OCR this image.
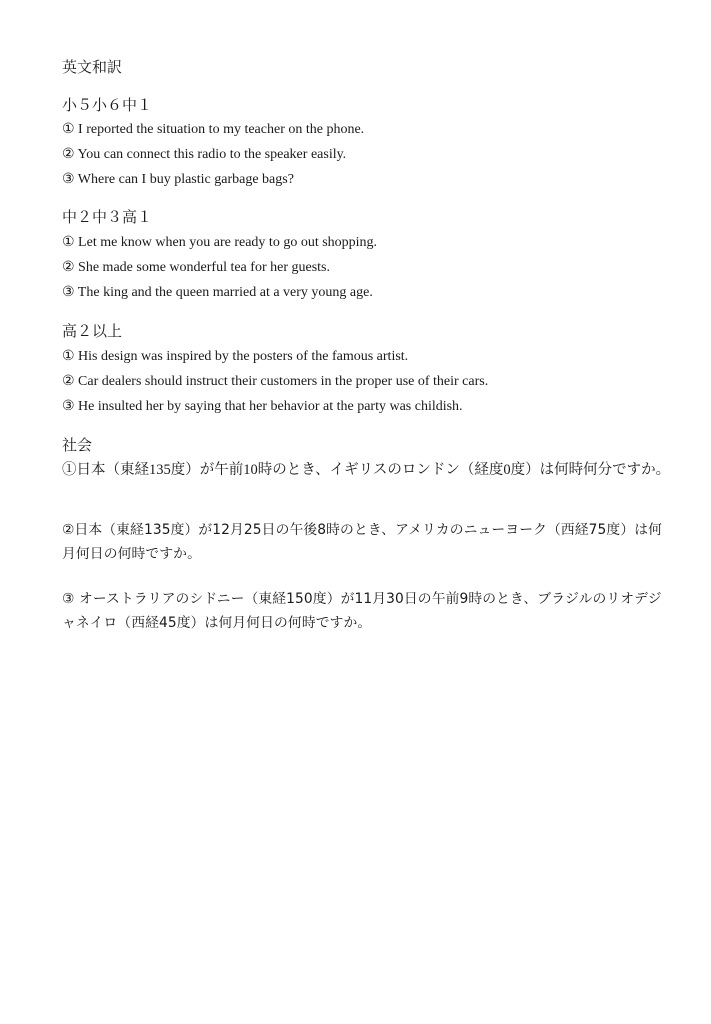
英文和訳
小５小６中１
① I reported the situation to my teacher on the phone.
② You can connect this radio to the speaker easily.
③ Where can I buy plastic garbage bags?
中２中３高１
① Let me know when you are ready to go out shopping.
② She made some wonderful tea for her guests.
③ The king and the queen married at a very young age.
高２以上
① His design was inspired by the posters of the famous artist.
② Car dealers should instruct their customers in the proper use of their cars.
③ He insulted her by saying that her behavior at the party was childish.
社会
①日本（東経135度）が午前10時のとき、イギリスのロンドン（経度0度）は何時何分ですか。
②日本（東経135度）が12月25日の午後8時のとき、アメリカのニューヨーク（西経75度）は何月何日の何時ですか。
③ オーストラリアのシドニー（東経150度）が11月30日の午前9時のとき、ブラジルのリオデジャネイロ（西経45度）は何月何日の何時ですか。
